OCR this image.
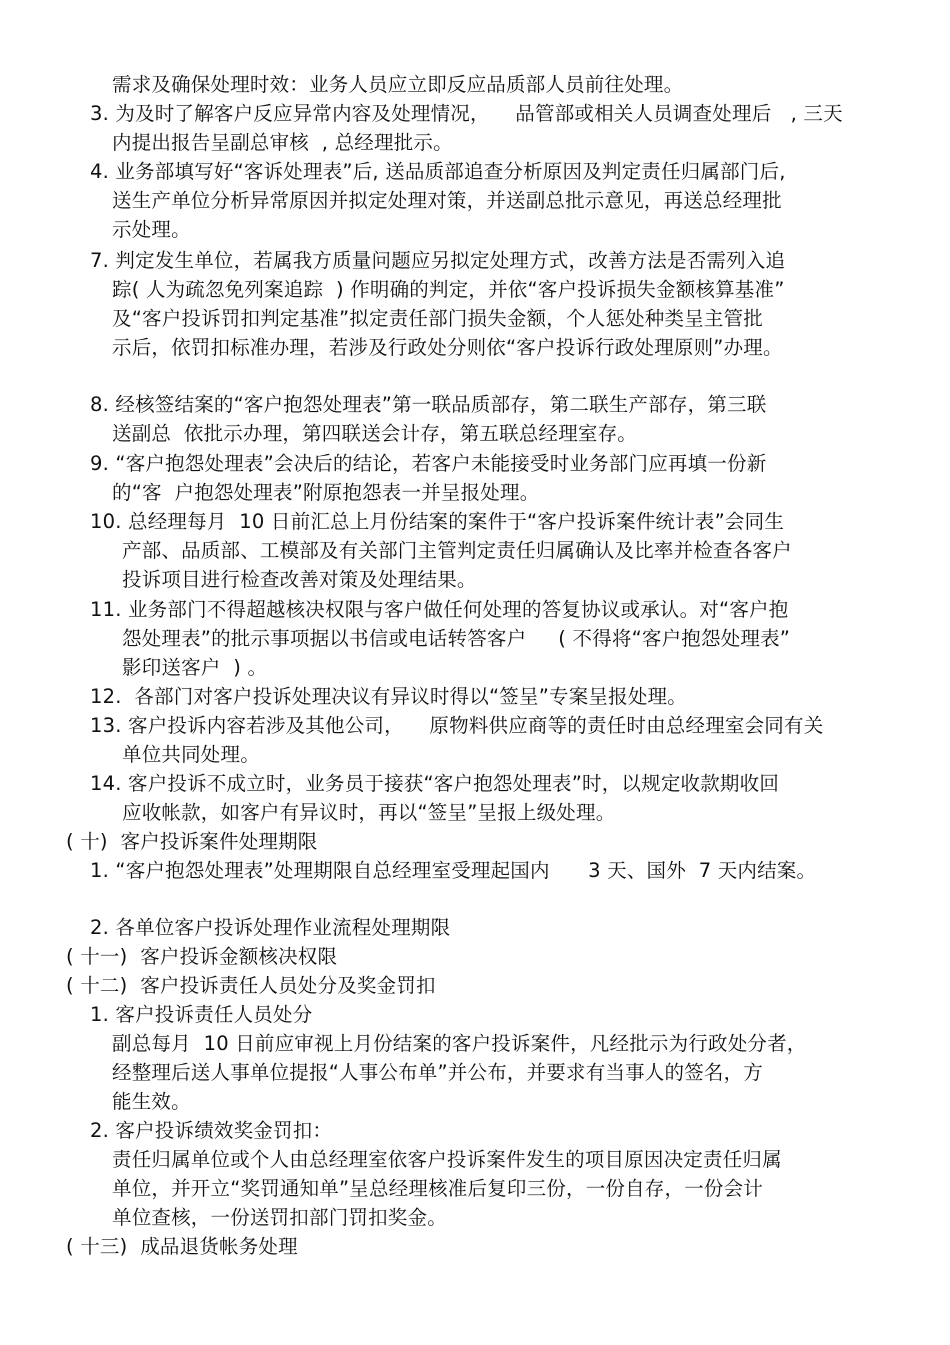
需求及确保处理时效：业务人员应立即反应品质部人员前往处理。
3. 为及时了解客户反应异常内容及处理情况，    品管部或相关人员调查处理后   , 三天
内提出报告呈副总审核  , 总经理批示。
4. 业务部填写好“客诉处理表”后, 送品质部追查分析原因及判定责任归属部门后,
送生产单位分析异常原因并拟定处理对策，并送副总批示意见，再送总经理批
示处理。
7. 判定发生单位，若属我方质量问题应另拟定处理方式，改善方法是否需列入追
踪( 人为疏忽免列案追踪  ) 作明确的判定，并依“客户投诉损失金额核算基准”
及“客户投诉罚扣判定基准”拟定责任部门损失金额，个人惩处种类呈主管批
示后，依罚扣标准办理，若涉及行政处分则依“客户投诉行政处理原则”办理。
8. 经核签结案的“客户抱怨处理表”第一联品质部存，第二联生产部存，第三联
送副总  依批示办理，第四联送会计存，第五联总经理室存。
9. “客户抱怨处理表”会决后的结论，若客户未能接受时业务部门应再填一份新
的“客  户抱怨处理表”附原抱怨表一并呈报处理。
10. 总经理每月  10 日前汇总上月份结案的案件于“客户投诉案件统计表”会同生
产部、品质部、工模部及有关部门主管判定责任归属确认及比率并检查各客户
投诉项目进行检查改善对策及处理结果。
11. 业务部门不得超越核决权限与客户做任何处理的答复协议或承认。对“客户抱
怨处理表”的批示事项据以书信或电话转答客户     ( 不得将“客户抱怨处理表”
影印送客户  ) 。
12.  各部门对客户投诉处理决议有异议时得以“签呈”专案呈报处理。
13. 客户投诉内容若涉及其他公司，    原物料供应商等的责任时由总经理室会同有关
单位共同处理。
14. 客户投诉不成立时，业务员于接获“客户抱怨处理表”时，以规定收款期收回
应收帐款，如客户有异议时，再以“签呈”呈报上级处理。
( 十)  客户投诉案件处理期限
1. “客户抱怨处理表”处理期限自总经理室受理起国内      3 天、国外  7 天内结案。
2. 各单位客户投诉处理作业流程处理期限
( 十一)  客户投诉金额核决权限
( 十二)  客户投诉责任人员处分及奖金罚扣
1. 客户投诉责任人员处分
副总每月  10 日前应审视上月份结案的客户投诉案件，凡经批示为行政处分者，
经整理后送人事单位提报“人事公布单”并公布，并要求有当事人的签名，方
能生效。
2. 客户投诉绩效奖金罚扣：
责任归属单位或个人由总经理室依客户投诉案件发生的项目原因决定责任归属
单位，并开立“奖罚通知单”呈总经理核准后复印三份，一份自存，一份会计
单位查核，一份送罚扣部门罚扣奖金。
( 十三)  成品退货帐务处理
